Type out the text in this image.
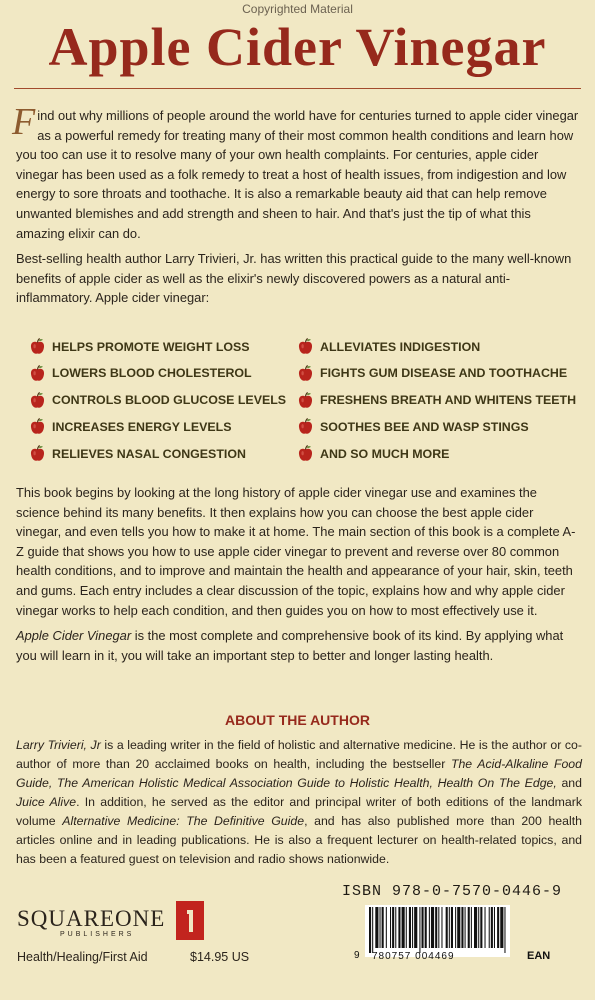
Copyrighted Material
Apple Cider Vinegar

Find out why millions of people around the world have for centuries turned to apple cider vinegar as a powerful remedy for treating many of their most common health conditions and learn how you too can use it to resolve many of your own health complaints. For centuries, apple cider vinegar has been used as a folk remedy to treat a host of health issues, from indigestion and low energy to sore throats and toothache. It is also a remarkable beauty aid that can help remove unwanted blemishes and add strength and sheen to hair. And that's just the tip of what this amazing elixir can do.

Best-selling health author Larry Trivieri, Jr. has written this practical guide to the many well-known benefits of apple cider as well as the elixir's newly discovered powers as a natural anti-inflammatory. Apple cider vinegar:

HELPS PROMOTE WEIGHT LOSS
LOWERS BLOOD CHOLESTEROL
CONTROLS BLOOD GLUCOSE LEVELS
INCREASES ENERGY LEVELS
RELIEVES NASAL CONGESTION
ALLEVIATES INDIGESTION
FIGHTS GUM DISEASE AND TOOTHACHE
FRESHENS BREATH AND WHITENS TEETH
SOOTHES BEE AND WASP STINGS
AND SO MUCH MORE

This book begins by looking at the long history of apple cider vinegar use and examines the science behind its many benefits. It then explains how you can choose the best apple cider vinegar, and even tells you how to make it at home. The main section of this book is a complete A-Z guide that shows you how to use apple cider vinegar to prevent and reverse over 80 common health conditions, and to improve and maintain the health and appearance of your hair, skin, teeth and gums. Each entry includes a clear discussion of the topic, explains how and why apple cider vinegar works to help each condition, and then guides you on how to most effectively use it.

Apple Cider Vinegar is the most complete and comprehensive book of its kind. By applying what you will learn in it, you will take an important step to better and longer lasting health.

ABOUT THE AUTHOR
Larry Trivieri, Jr is a leading writer in the field of holistic and alternative medicine. He is the author or co-author of more than 20 acclaimed books on health, including the bestseller The Acid-Alkaline Food Guide, The American Holistic Medical Association Guide to Holistic Health, Health On The Edge, and Juice Alive. In addition, he served as the editor and principal writer of both editions of the landmark volume Alternative Medicine: The Definitive Guide, and has also published more than 200 health articles online and in leading publications. He is also a frequent lecturer on health-related topics, and has been a featured guest on television and radio shows nationwide.
ISBN 978-0-7570-0446-9
9 780757 004469	EAN
SQUAREONE
PUBLISHERS
Health/Healing/First Aid	$14.95 US
